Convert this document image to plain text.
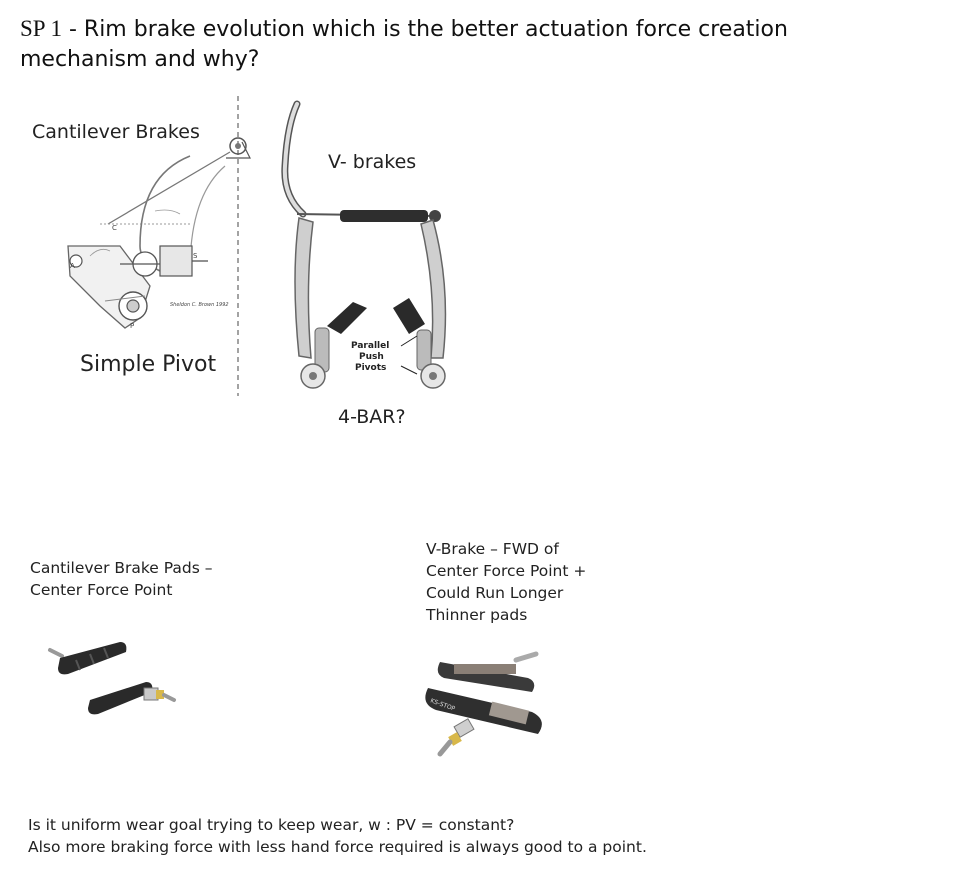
SP 1 - Rim brake evolution which is the better actuation force creation mechanism and why?
Cantilever Brakes
Simple Pivot
A
C
S
P
Sheldon C. Brown 1992
V- brakes
4-BAR?
Parallel
Push
Pivots
Cantilever Brake Pads –
Center Force Point
V-Brake – FWD of
Center Force Point +
Could Run Longer
Thinner pads
KS-STOP
Is it uniform wear goal trying to keep wear, w : PV = constant?
Also more braking force with less hand force required is always good to a point.
